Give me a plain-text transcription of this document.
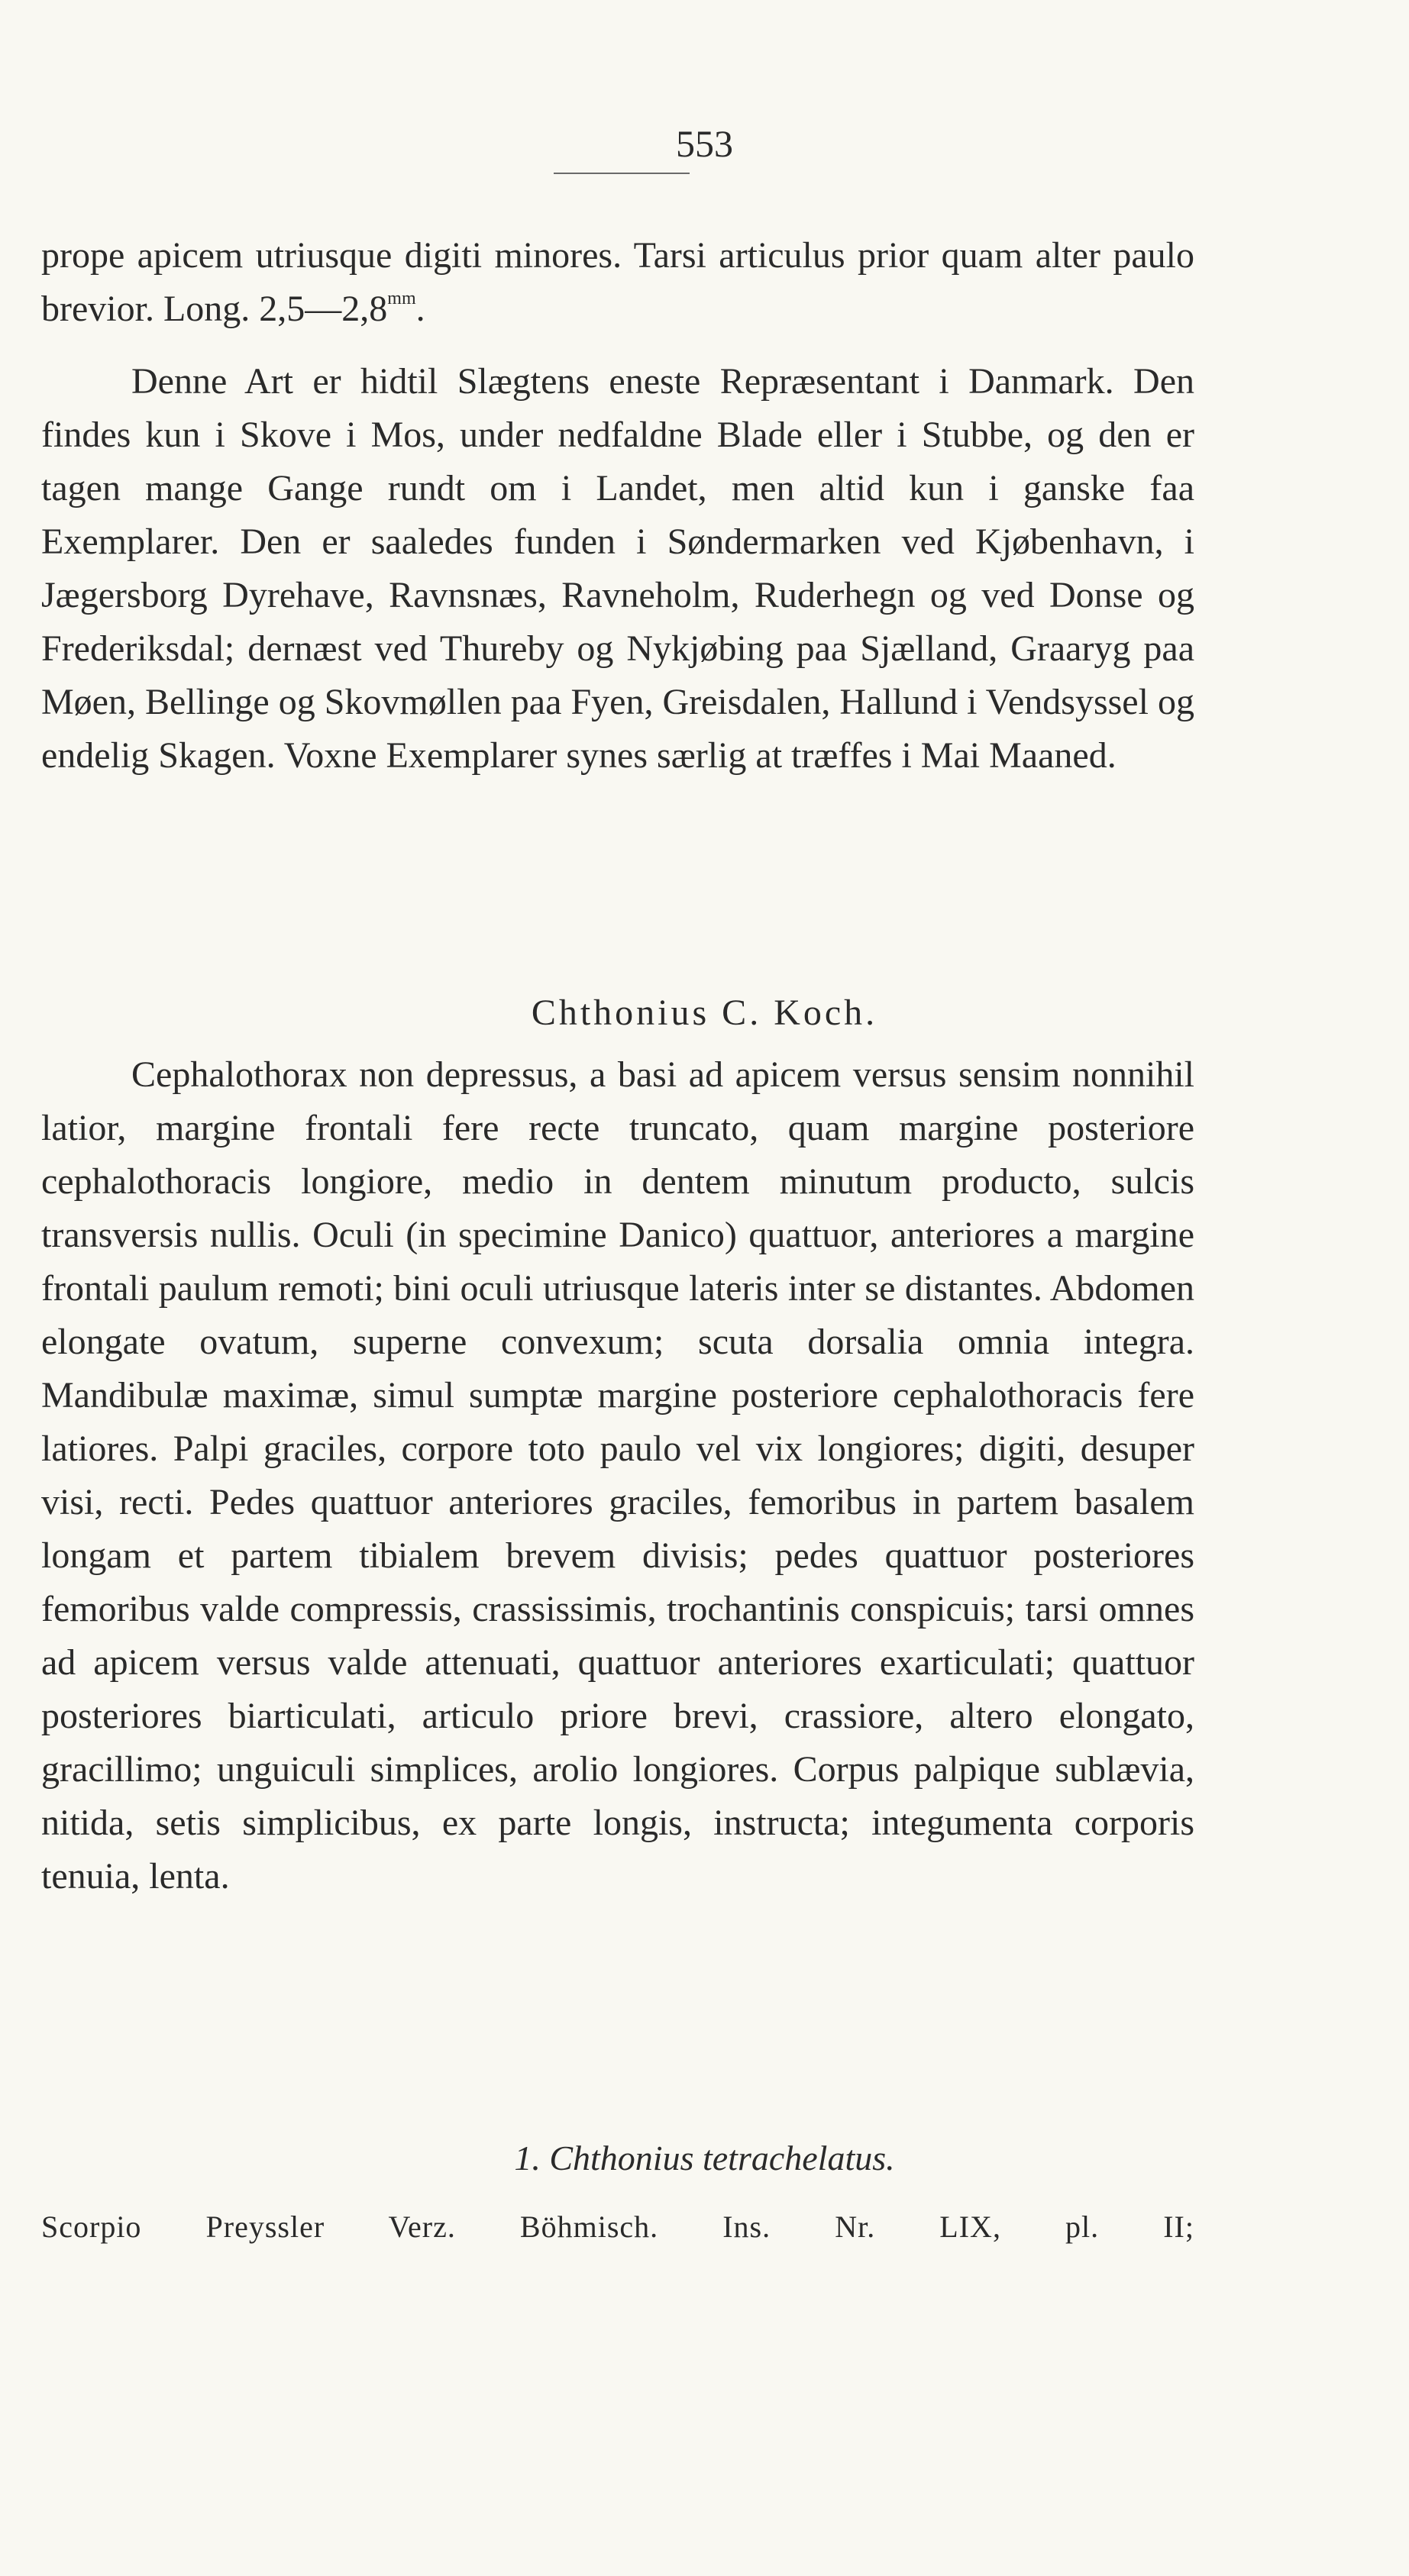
553

prope apicem utriusque digiti minores. Tarsi articulus prior quam alter paulo brevior. Long. $2,5—2,8^{mm}$.

Denne Art er hidtil Slægtens eneste Repræsentant i Danmark. Den findes kun i Skove i Mos, under nedfaldne Blade eller i Stubbe, og den er tagen mange Gange rundt om i Landet, men altid kun i ganske faa Exemplarer. Den er saaledes funden i Søndermarken ved Kjøbenhavn, i Jægersborg Dyrehave, Ravnsnæs, Ravneholm, Ruderhegn og ved Donse og Frederiksdal; dernæst ved Thureby og Nykjøbing paa Sjælland, Graaryg paa Møen, Bellinge og Skovmøllen paa Fyen, Greisdalen, Hallund i Vendsyssel og endelig Skagen. Voxne Exemplarer synes særlig at træffes i Mai Maaned.

Chthonius C. Koch.

Cephalothorax non depressus, a basi ad apicem versus sensim nonnihil latior, margine frontali fere recte truncato, quam margine posteriore cephalothoracis longiore, medio in dentem minutum producto, sulcis transversis nullis. Oculi (in specimine Danico) quattuor, anteriores a margine frontali paulum remoti; bini oculi utriusque lateris inter se distantes. Abdomen elongate ovatum, superne convexum; scuta dorsalia omnia integra. Mandibulæ maximæ, simul sumptæ margine posteriore cephalothoracis fere latiores. Palpi graciles, corpore toto paulo vel vix longiores; digiti, desuper visi, recti. Pedes quattuor anteriores graciles, femoribus in partem basalem longam et partem tibialem brevem divisis; pedes quattuor posteriores femoribus valde compressis, crassissimis, trochantinis conspicuis; tarsi omnes ad apicem versus valde attenuati, quattuor anteriores exarticulati; quattuor posteriores biarticulati, articulo priore brevi, crassiore, altero elongato, gracillimo; unguiculi simplices, arolio longiores. Corpus palpique sublævia, nitida, setis simplicibus, ex parte longis, instructa; integumenta corporis tenuia, lenta.

1. Chthonius tetrachelatus.

Scorpio Preyssler Verz. Böhmisch. Ins. Nr. LIX, pl. II;
